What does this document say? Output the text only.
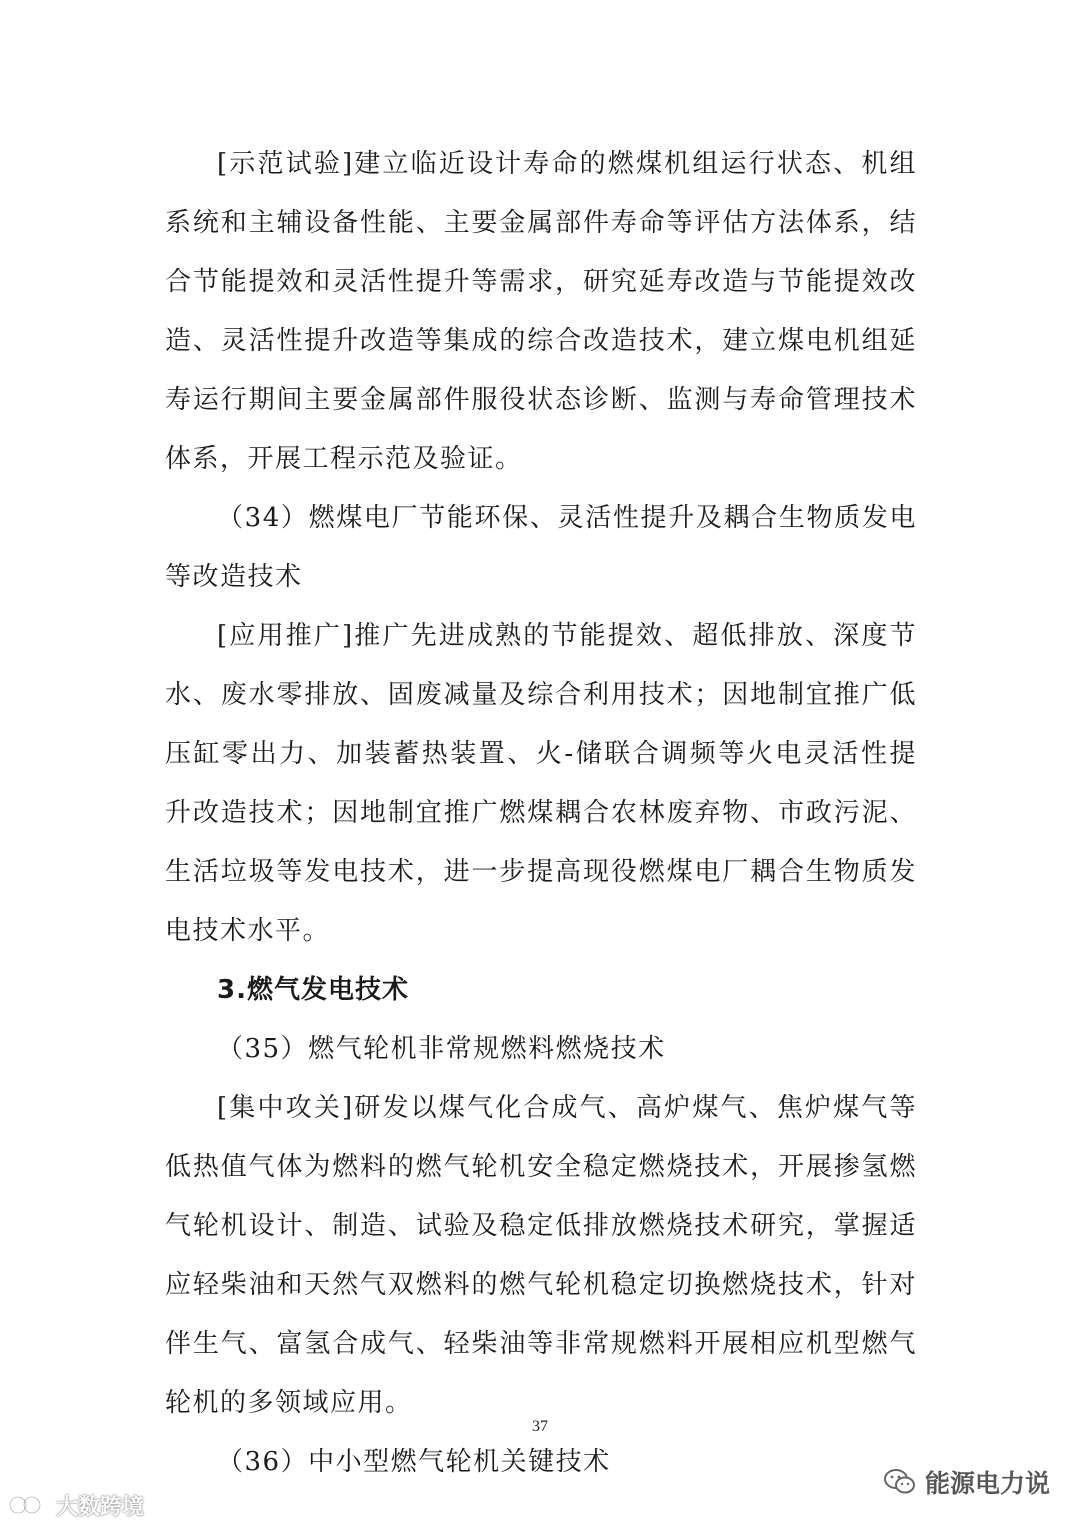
[示范试验]建立临近设计寿命的燃煤机组运行状态、机组系统和主辅设备性能、主要金属部件寿命等评估方法体系，结合节能提效和灵活性提升等需求，研究延寿改造与节能提效改造、灵活性提升改造等集成的综合改造技术，建立煤电机组延寿运行期间主要金属部件服役状态诊断、监测与寿命管理技术体系，开展工程示范及验证。

（34）燃煤电厂节能环保、灵活性提升及耦合生物质发电等改造技术

[应用推广]推广先进成熟的节能提效、超低排放、深度节水、废水零排放、固废减量及综合利用技术；因地制宜推广低压缸零出力、加装蓄热装置、火-储联合调频等火电灵活性提升改造技术；因地制宜推广燃煤耦合农林废弃物、市政污泥、生活垃圾等发电技术，进一步提高现役燃煤电厂耦合生物质发电技术水平。

3.燃气发电技术

（35）燃气轮机非常规燃料燃烧技术

[集中攻关]研发以煤气化合成气、高炉煤气、焦炉煤气等低热值气体为燃料的燃气轮机安全稳定燃烧技术，开展掺氢燃气轮机设计、制造、试验及稳定低排放燃烧技术研究，掌握适应轻柴油和天然气双燃料的燃气轮机稳定切换燃烧技术，针对伴生气、富氢合成气、轻柴油等非常规燃料开展相应机型燃气轮机的多领域应用。

（36）中小型燃气轮机关键技术

37
能源电力说
大数跨境
